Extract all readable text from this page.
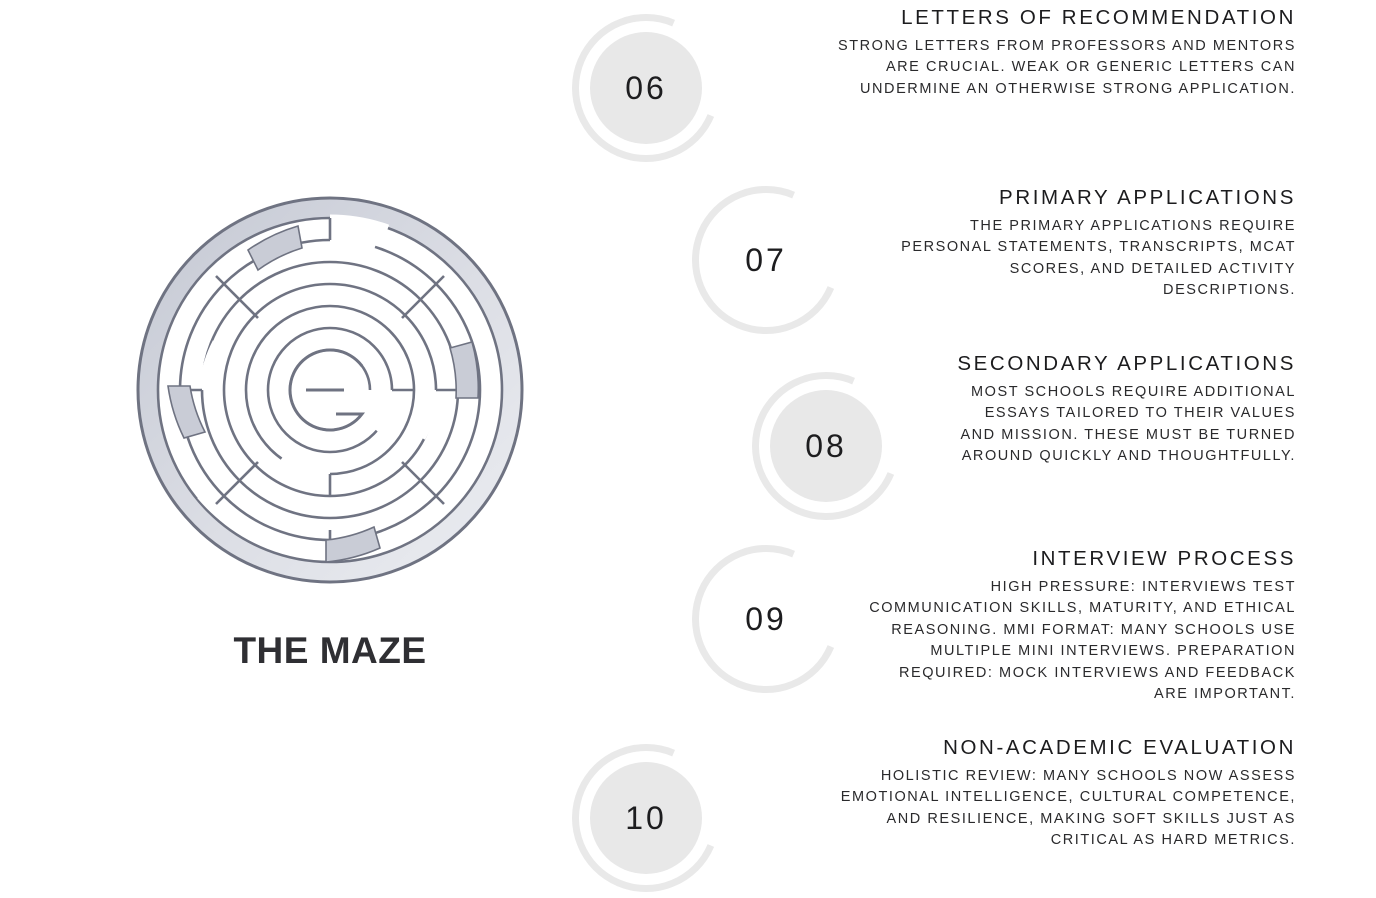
THE MAZE
06
LETTERS OF RECOMMENDATION

STRONG LETTERS FROM PROFESSORS AND MENTORS ARE CRUCIAL. WEAK OR GENERIC LETTERS CAN UNDERMINE AN OTHERWISE STRONG APPLICATION.

07
PRIMARY APPLICATIONS

THE PRIMARY APPLICATIONS REQUIRE PERSONAL STATEMENTS, TRANSCRIPTS, MCAT SCORES, AND DETAILED ACTIVITY DESCRIPTIONS.

08
SECONDARY APPLICATIONS

MOST SCHOOLS REQUIRE ADDITIONAL ESSAYS TAILORED TO THEIR VALUES AND MISSION. THESE MUST BE TURNED AROUND QUICKLY AND THOUGHTFULLY.

09
INTERVIEW PROCESS

HIGH PRESSURE: INTERVIEWS TEST COMMUNICATION SKILLS, MATURITY, AND ETHICAL REASONING. MMI FORMAT: MANY SCHOOLS USE MULTIPLE MINI INTERVIEWS. PREPARATION REQUIRED: MOCK INTERVIEWS AND FEEDBACK ARE IMPORTANT.

10
NON-ACADEMIC EVALUATION

HOLISTIC REVIEW: MANY SCHOOLS NOW ASSESS EMOTIONAL INTELLIGENCE, CULTURAL COMPETENCE, AND RESILIENCE, MAKING SOFT SKILLS JUST AS CRITICAL AS HARD METRICS.
